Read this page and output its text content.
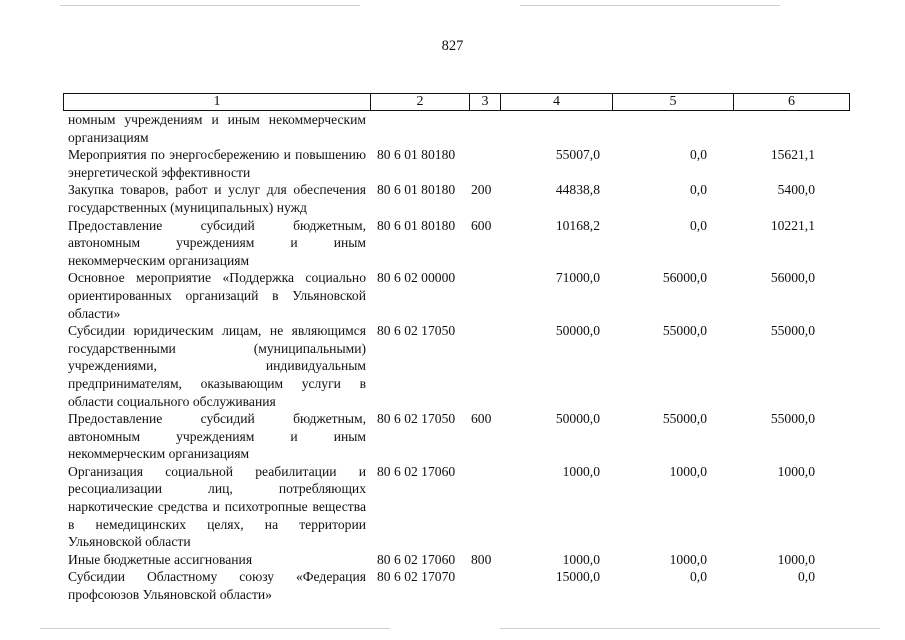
827
1	2	3	4	5	6
номным учреждениям и иным некоммерческим организациям					
Мероприятия по энергосбережению и повышению энергетической эффективности	80 6 01 80180		55007,0	0,0	15621,1
Закупка товаров, работ и услуг для обеспечения государственных (муниципальных) нужд	80 6 01 80180	200	44838,8	0,0	5400,0
Предоставление субсидий бюджетным, автономным учреждениям и иным некоммерческим организациям	80 6 01 80180	600	10168,2	0,0	10221,1
Основное мероприятие «Поддержка социально ориентированных организаций в Ульяновской области»	80 6 02 00000		71000,0	56000,0	56000,0
Субсидии юридическим лицам, не являющимся государственными (муниципальными) учреждениями, индивидуальным предпринимателям, оказывающим услуги в области социального обслуживания	80 6 02 17050		50000,0	55000,0	55000,0
Предоставление субсидий бюджетным, автономным учреждениям и иным некоммерческим организациям	80 6 02 17050	600	50000,0	55000,0	55000,0
Организация социальной реабилитации и ресоциализации лиц, потребляющих наркотические средства и психотропные вещества в немедицинских целях, на территории Ульяновской области	80 6 02 17060		1000,0	1000,0	1000,0
Иные бюджетные ассигнования	80 6 02 17060	800	1000,0	1000,0	1000,0
Субсидии Областному союзу «Федерация профсоюзов Ульяновской области»	80 6 02 17070		15000,0	0,0	0,0
